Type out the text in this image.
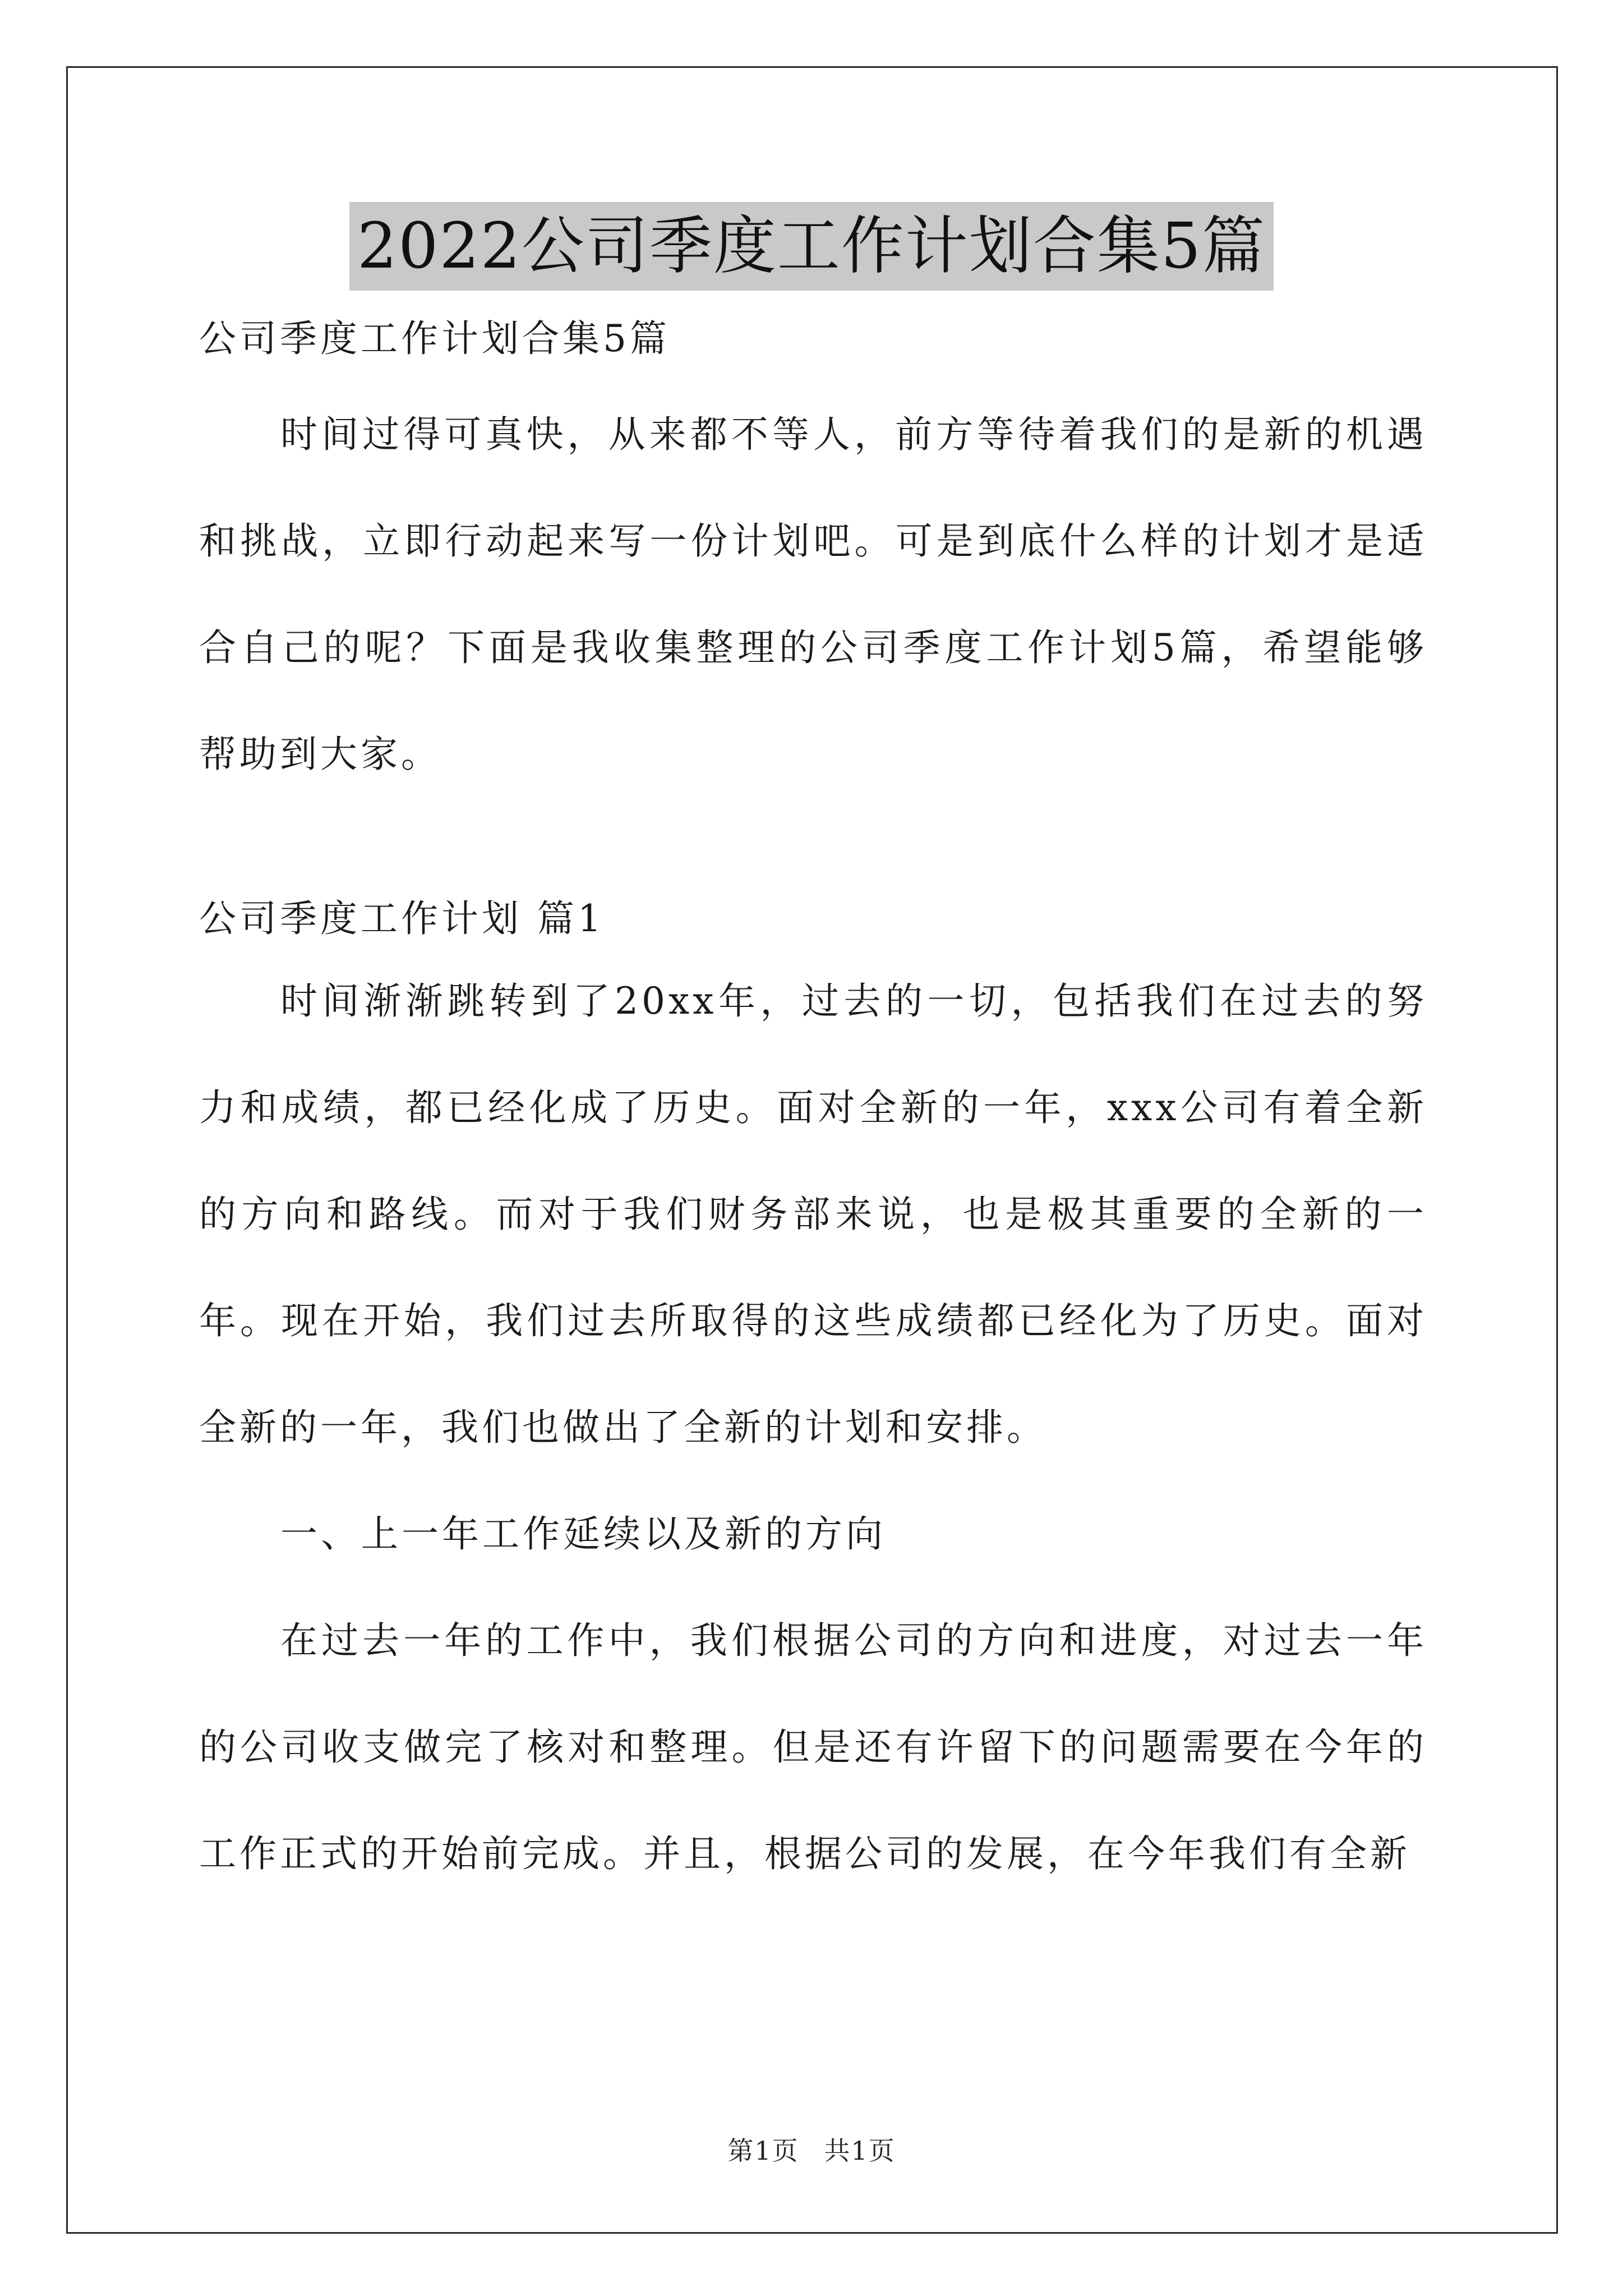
2022公司季度工作计划合集5篇
公司季度工作计划合集5篇
时间过得可真快，从来都不等人，前方等待着我们的是新的机遇和挑战，立即行动起来写一份计划吧。可是到底什么样的计划才是适合自己的呢？下面是我收集整理的公司季度工作计划5篇，希望能够帮助到大家。
公司季度工作计划 篇1
时间渐渐跳转到了20xx年，过去的一切，包括我们在过去的努力和成绩，都已经化成了历史。面对全新的一年，xxx公司有着全新的方向和路线。而对于我们财务部来说，也是极其重要的全新的一年。现在开始，我们过去所取得的这些成绩都已经化为了历史。面对全新的一年，我们也做出了全新的计划和安排。
一、上一年工作延续以及新的方向
在过去一年的工作中，我们根据公司的方向和进度，对过去一年的公司收支做完了核对和整理。但是还有许留下的问题需要在今年的工作正式的开始前完成。并且，根据公司的发展，在今年我们有全新
第1页 共1页
